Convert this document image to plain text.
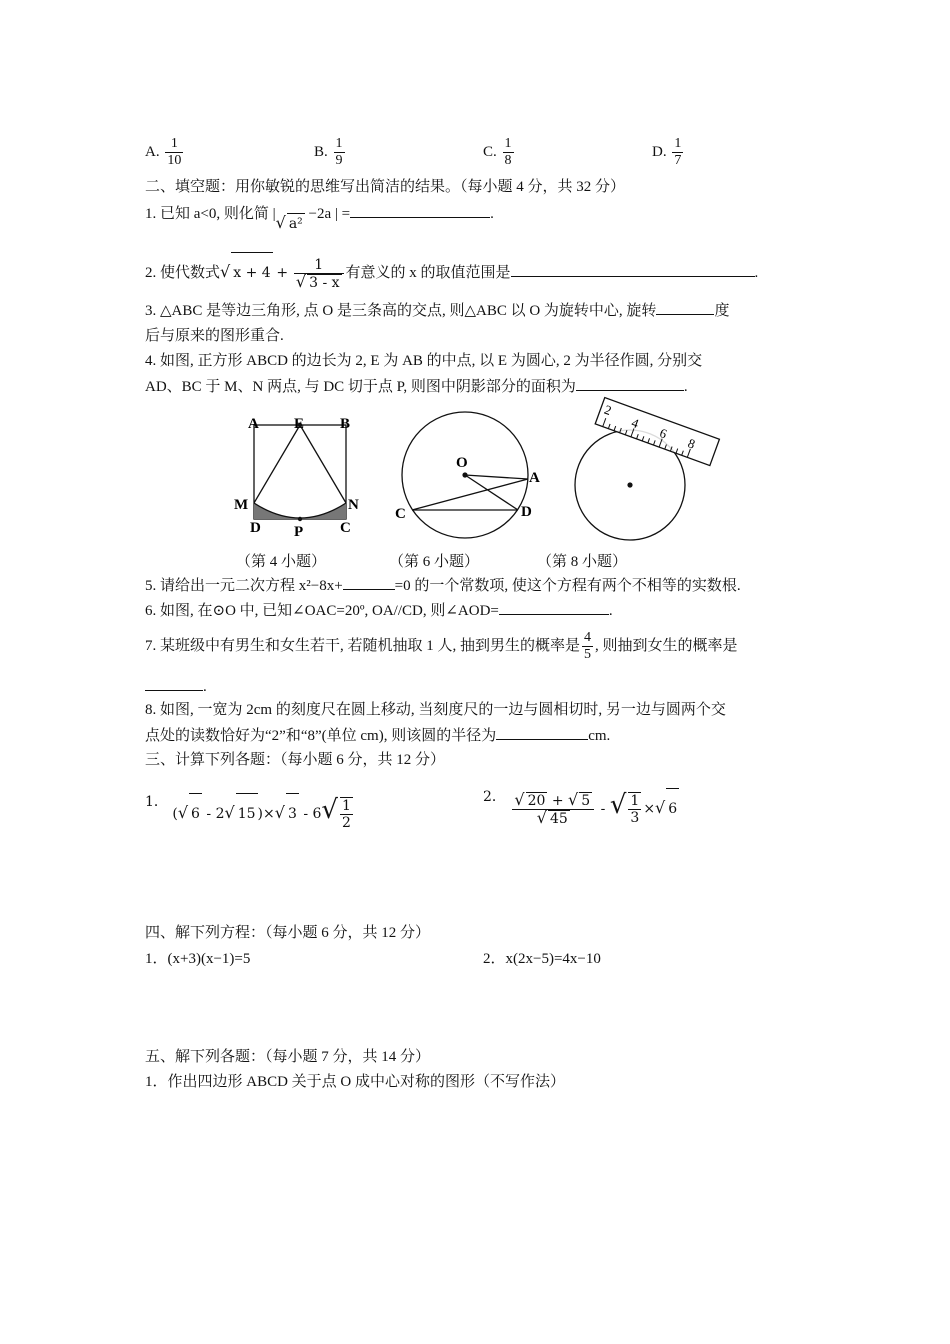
A. $\frac{1}{10}$	B. $\frac{1}{9}$	C. $\frac{1}{8}$	D. $\frac{1}{7}$
二、填空题：用你敏锐的思维写出简洁的结果。（每小题 4 分，共 32 分）
1. 已知 a<0, 则化简 |√ a² −2a | =	.
2. 使代数式√ $x + 4 + \frac{1}{√ 3 - x}$ 有意义的 x 的取值范围是	.
3. △ABC 是等边三角形, 点 O 是三条高的交点, 则△ABC 以 O 为旋转中心, 旋转	度
后与原来的图形重合.
4. 如图, 正方形 ABCD 的边长为 2, E 为 AB 的中点, 以 E 为圆心, 2 为半径作圆, 分别交
AD、BC 于 M、N 两点, 与 DC 切于点 P, 则图中阴影部分的面积为	.
A E B
M	N
D P C
O
A
C	D
2
4
6
8
（第 4 小题）	（第 6 小题）	（第 8 小题）
5. 请给出一元二次方程 x²−8x+	=0 的一个常数项, 使这个方程有两个不相等的实数根.
6. 如图, 在⊙O 中, 已知∠OAC=20º, OA//CD, 则∠AOD=	.
7. 某班级中有男生和女生若干, 若随机抽取 1 人, 抽到男生的概率是 $\frac{4}{5}$ , 则抽到女生的概率是
.
8. 如图, 一宽为 2cm 的刻度尺在圆上移动, 当刻度尺的一边与圆相切时, 另一边与圆两个交
点处的读数恰好为“2”和“8”(单位 cm), 则该圆的半径为	cm.
三、计算下列各题：（每小题 6 分，共 12 分）
1． (√ 6 - 2√ 15 )×√ $3 - 6√ \frac{1}{2}$	2． $\frac{√ 20 + √ 5}{√ 45}$ - √ $\frac{1}{3}$ ×√ 6
四、解下列方程：（每小题 6 分，共 12 分）
1．(x+3)(x−1)=5	2．x(2x−5)=4x−10
五、解下列各题：（每小题 7 分，共 14 分）
1．作出四边形 ABCD 关于点 O 成中心对称的图形（不写作法）
